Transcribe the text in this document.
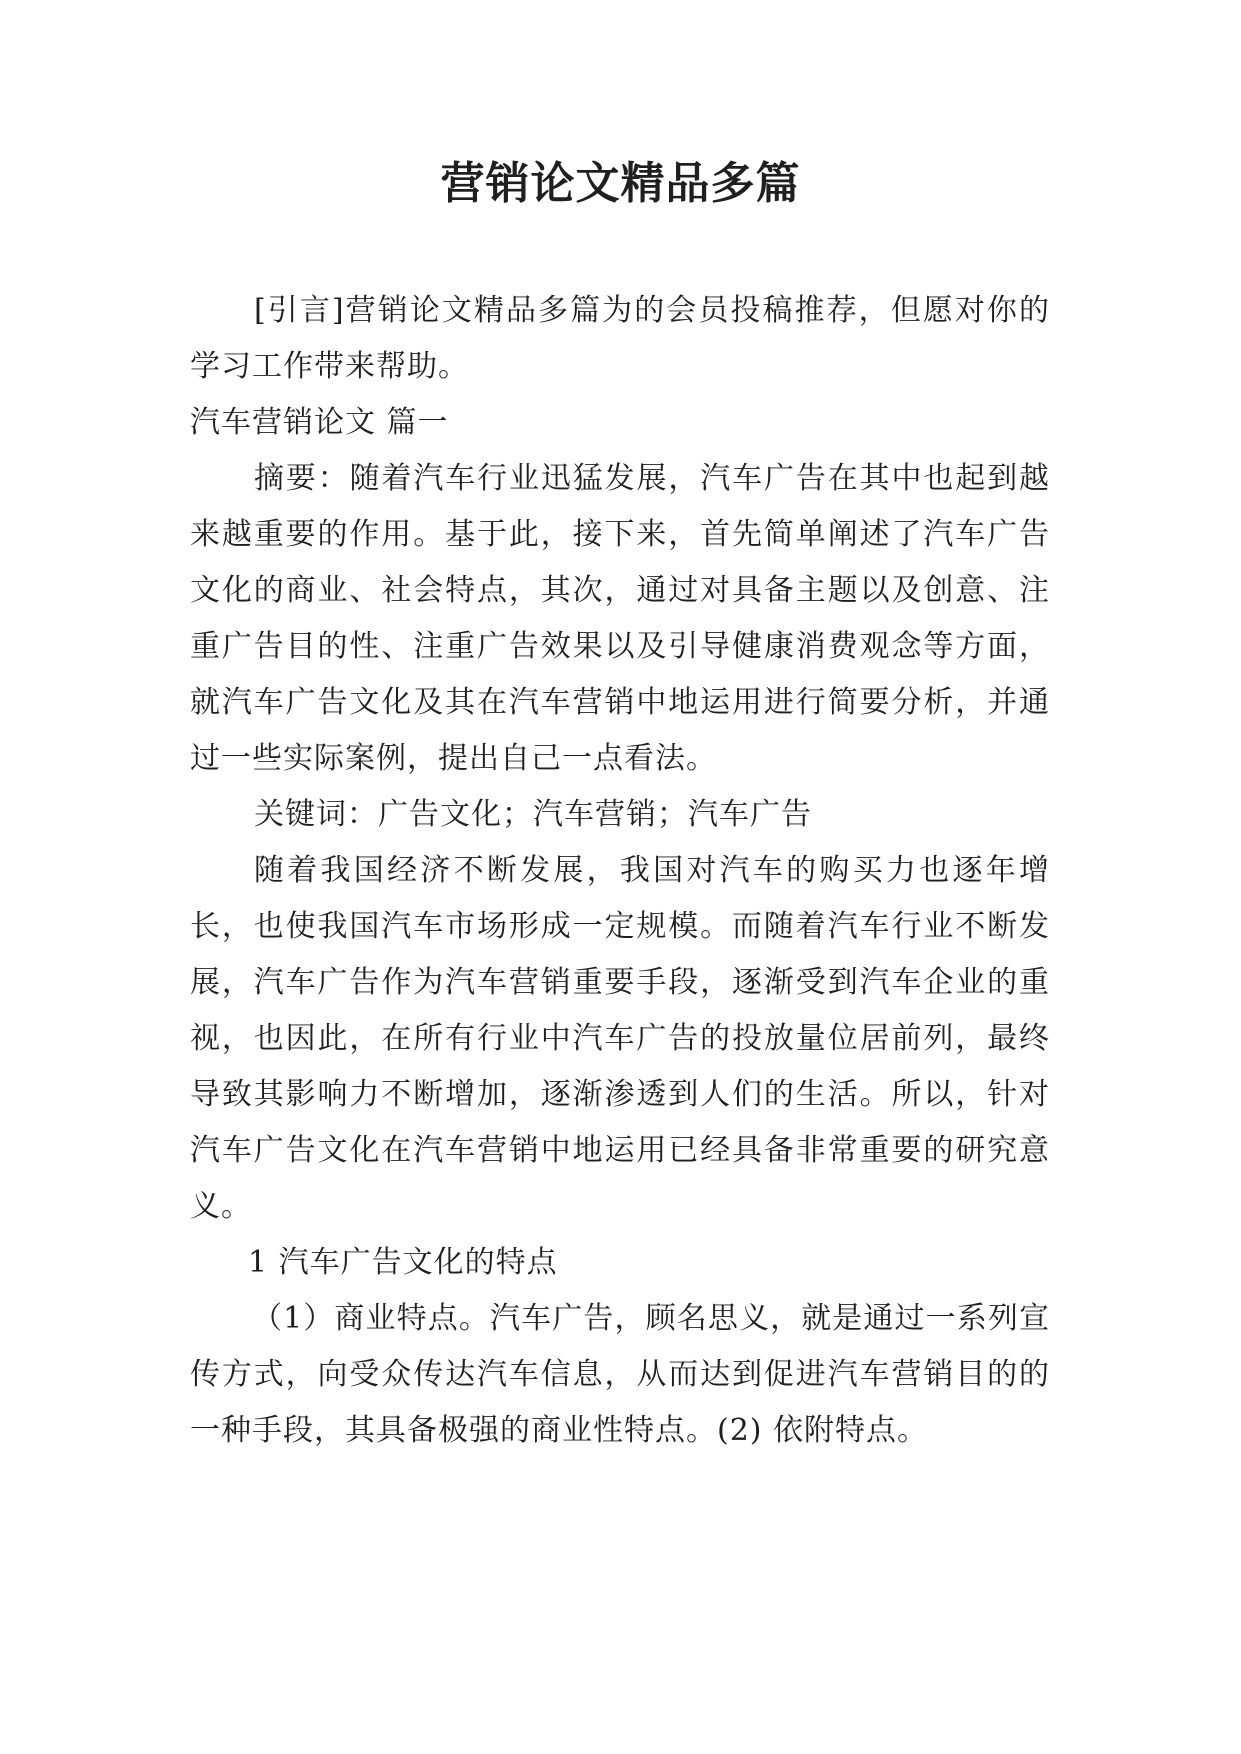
营销论文精品多篇

[引言]营销论文精品多篇为的会员投稿推荐，但愿对你的学习工作带来帮助。

汽车营销论文 篇一

摘要：随着汽车行业迅猛发展，汽车广告在其中也起到越来越重要的作用。基于此，接下来，首先简单阐述了汽车广告文化的商业、社会特点，其次，通过对具备主题以及创意、注重广告目的性、注重广告效果以及引导健康消费观念等方面，就汽车广告文化及其在汽车营销中地运用进行简要分析，并通过一些实际案例，提出自己一点看法。

关键词：广告文化；汽车营销；汽车广告

随着我国经济不断发展，我国对汽车的购买力也逐年增长，也使我国汽车市场形成一定规模。而随着汽车行业不断发展，汽车广告作为汽车营销重要手段，逐渐受到汽车企业的重视，也因此，在所有行业中汽车广告的投放量位居前列，最终导致其影响力不断增加，逐渐渗透到人们的生活。所以，针对汽车广告文化在汽车营销中地运用已经具备非常重要的研究意义。

1 汽车广告文化的特点

（1）商业特点。汽车广告，顾名思义，就是通过一系列宣传方式，向受众传达汽车信息，从而达到促进汽车营销目的的一种手段，其具备极强的商业性特点。(2) 依附特点。
